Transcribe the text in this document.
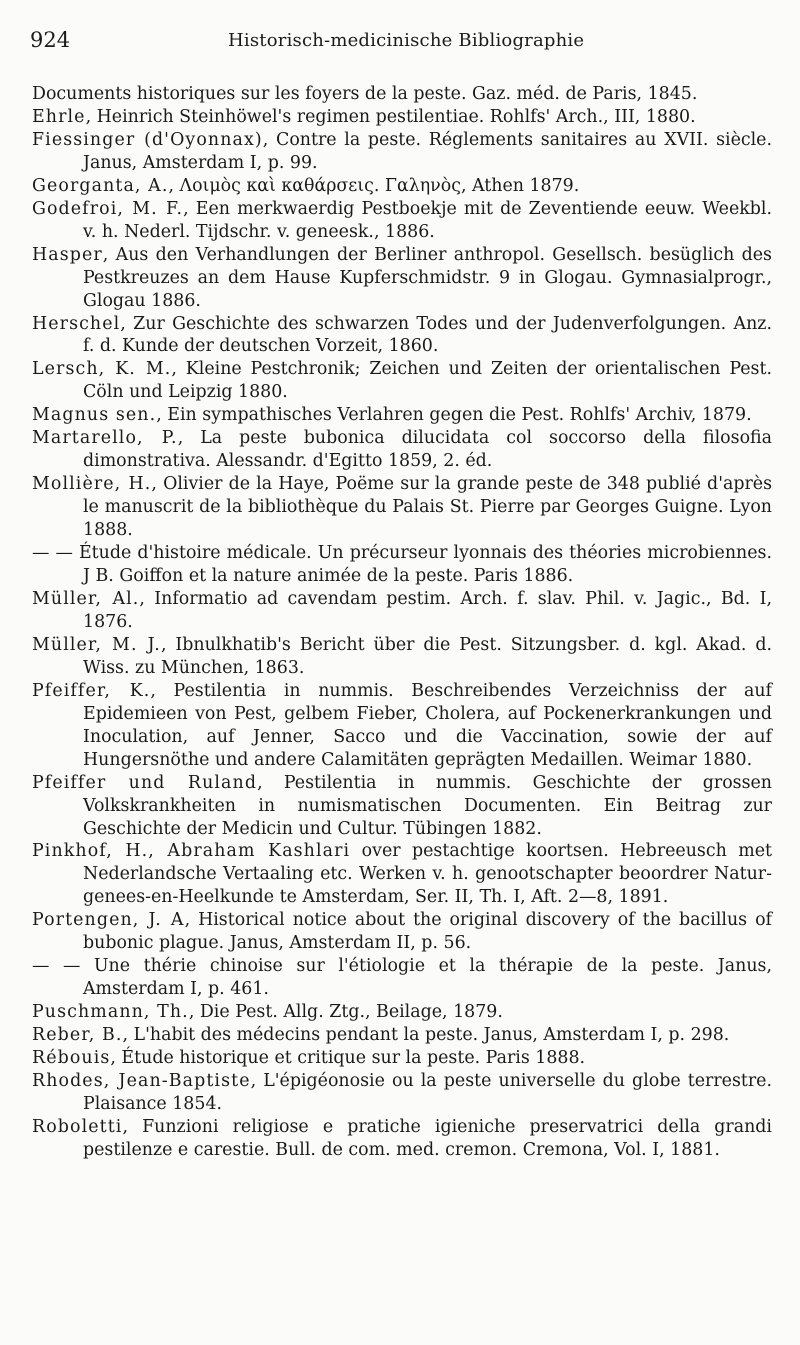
924	Historisch-medicinische Bibliographie

Documents historiques sur les foyers de la peste. Gaz. méd. de Paris, 1845.

Ehrle, Heinrich Steinhöwel's regimen pestilentiae. Rohlfs' Arch., III, 1880.

Fiessinger (d'Oyonnax), Contre la peste. Réglements sanitaires au XVII. siècle. Janus, Amsterdam I, p. 99.

Georganta, A., Λοιμὸς καὶ καθάρσεις. Γαληνὸς, Athen 1879.

Godefroi, M. F., Een merkwaerdig Pestboekje mit de Zeventiende eeuw. Weekbl. v. h. Nederl. Tijdschr. v. geneesk., 1886.

Hasper, Aus den Verhandlungen der Berliner anthropol. Gesellsch. besüglich des Pestkreuzes an dem Hause Kupferschmidstr. 9 in Glogau. Gymnasialprogr., Glogau 1886.

Herschel, Zur Geschichte des schwarzen Todes und der Judenverfolgungen. Anz. f. d. Kunde der deutschen Vorzeit, 1860.

Lersch, K. M., Kleine Pestchronik; Zeichen und Zeiten der orientalischen Pest. Cöln und Leipzig 1880.

Magnus sen., Ein sympathisches Verlahren gegen die Pest. Rohlfs' Archiv, 1879.

Martarello, P., La peste bubonica dilucidata col soccorso della filosofia dimonstrativa. Alessandr. d'Egitto 1859, 2. éd.

Mollière, H., Olivier de la Haye, Poëme sur la grande peste de 348 publié d'après le manuscrit de la bibliothèque du Palais St. Pierre par Georges Guigne. Lyon 1888.

— — Étude d'histoire médicale. Un précurseur lyonnais des théories microbiennes. J B. Goiffon et la nature animée de la peste. Paris 1886.

Müller, Al., Informatio ad cavendam pestim. Arch. f. slav. Phil. v. Jagic., Bd. I, 1876.

Müller, M. J., Ibnulkhatib's Bericht über die Pest. Sitzungsber. d. kgl. Akad. d. Wiss. zu München, 1863.

Pfeiffer, K., Pestilentia in nummis. Beschreibendes Verzeichniss der auf Epidemieen von Pest, gelbem Fieber, Cholera, auf Pockenerkrankungen und Inoculation, auf Jenner, Sacco und die Vaccination, sowie der auf Hungersnöthe und andere Calamitäten geprägten Medaillen. Weimar 1880.

Pfeiffer und Ruland, Pestilentia in nummis. Geschichte der grossen Volkskrankheiten in numismatischen Documenten. Ein Beitrag zur Geschichte der Medicin und Cultur. Tübingen 1882.

Pinkhof, H., Abraham Kashlari over pestachtige koortsen. Hebreeusch met Nederlandsche Vertaaling etc. Werken v. h. genootschapter beoordrer Natur-genees-en-Heelkunde te Amsterdam, Ser. II, Th. I, Aft. 2—8, 1891.

Portengen, J. A, Historical notice about the original discovery of the bacillus of bubonic plague. Janus, Amsterdam II, p. 56.

— — Une thérie chinoise sur l'étiologie et la thérapie de la peste. Janus, Amsterdam I, p. 461.

Puschmann, Th., Die Pest. Allg. Ztg., Beilage, 1879.

Reber, B., L'habit des médecins pendant la peste. Janus, Amsterdam I, p. 298.

Rébouis, Étude historique et critique sur la peste. Paris 1888.

Rhodes, Jean-Baptiste, L'épigéonosie ou la peste universelle du globe terrestre. Plaisance 1854.

Roboletti, Funzioni religiose e pratiche igieniche preservatrici della grandi pestilenze e carestie. Bull. de com. med. cremon. Cremona, Vol. I, 1881.
